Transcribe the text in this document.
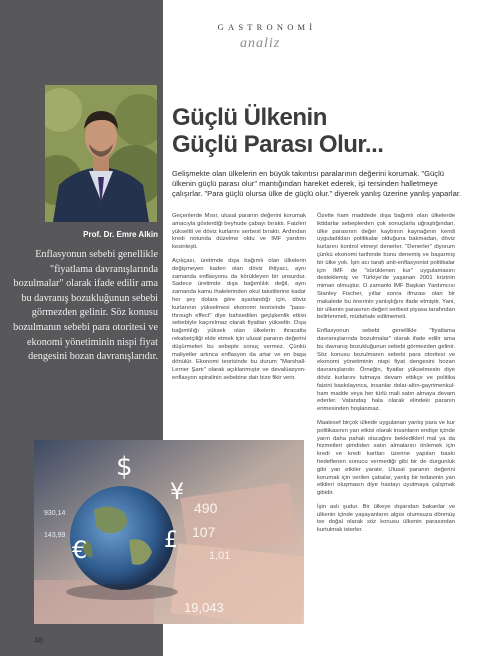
GASTRONOMİ
analiz
Prof. Dr. Emre Alkin
Enflasyonun sebebi genellikle "fiyatlama davranışlarında bozulmalar" olarak ifade edilir ama bu davranış bozukluğunun sebebi görmezden gelinir. Söz konusu bozulmanın sebebi para otoritesi ve ekonomi yönetiminin nispi fiyat dengesini bozan davranışlarıdır.
Güçlü Ülkenin
Güçlü Parası Olur...
Gelişmekte olan ülkelerin en büyük takıntısı paralarının değerini korumak. "Güçlü ülkenin güçlü parası olur" mantığından hareket ederek, işi tersinden halletmeye çalışırlar. "Para güçlü olursa ülke de güçlü olur." diyerek yanlış üzerine yanlış yaparlar.

Geçenlerde Mısır, ulusal paranın değerini korumak amacıyla gösterdiği beyhude çabayı bıraktı. Faizleri yükseltti ve döviz kurlarını serbest bıraktı. Ardından kredi notunda düzelme oldu ve IMF yardımı kesinleşti.

Açıkçası, üretimde dışa bağımlı olan ülkelerin değişmeyen kaderi olan döviz ihtiyacı, aynı zamanda enflasyonu da körükleyen bir unsurdur. Sadece üretimde dışa bağımlılık değil, aynı zamanda kamu ihalelerinden okul takstilerine kadar her şey dolara göre ayarlandığı için, döviz kurlarının yükselmesi ekonomi teorisinde "pass-through effect" diye bahsedilen geçişkenlik etkisi sebebiyle kaçınılmaz olarak fiyatları yükseltir. Dışa bağımlılığı yüksek olan ülkelerin ihracatta rekabetçiliği elde etmek için ulusal paranın değerini düşürmeleri bu sebeple sonuç vermez. Çünkü maliyetler artınca enflasyon da artar ve en başa dönülür. Ekonomi teorisinde bu durum "Marshall-Lerner Şartı" olarak açıklanmıştır ve devalüasyon-enflasyon spiralinin sebebine dair bize fikir verir.

Özetle ham maddede dışa bağımlı olan ülkelerde iktidarlar sebeplerden çok sonuçlarla uğraştığından, ülke parasının değer kaybının kaynağının kendi uyguladıkları politikalar olduğuna bakmadan, döviz kurlarını kontrol etmeyi denerler. "Denerler" diyorum çünkü ekonomi tarihinde bunu denemiş ve başarmış bir ülke yok. İşin acı tarafı anti-enflasyonist politikalar için IMF de "sürüklenen kur" uygulamasını desteklemiş ve Türkiye'de yaşanan 2001 krizinin miman olmuştur. O zamanki IMF Başkan Yardımcısı Stanley Fischer, yıllar sonra ifmzası olan bir makalede bu önerinin yanlışlığını ifade etmiştir. Yani, bir ülkenin parasının değeri serbest piyasa tarafından belirlenmeli, müdahale edilmemeli.

Enflasyonun sebebi genellikle "fiyatlama davranışlarında bozulmalar" olarak ifade edilir ama bu davranış bozukluğunun sebebi görmezden gelinir. Söz konusu bozulmanın sebebi para otoritesi ve ekonomi yönetiminin nispi fiyat dengesini bozan davranışlarıdır. Örneğin, fiyatlar yükselmesin diye döviz kurlarını tutmaya devam ettikçe ve politika faizini baskılayınca, insanlar dolar-altın-gayrimenkul-ham madde veya her türlü mali satın almaya devam ederler. Vatandaş hala olarak elindeki paranın erimesinden hoşlanmaz.

Maalesef birçok ülkede uygulanan yanlış para ve kur politikasının yarı etkisi olarak insanların endişe içinde yarın daha pahalı olacağını beklediklerl mal ya da hizmetleri şimdiden satın almalarını önlemek için kredi ve kredi kartları üzerine yapılan baskı hedeflenen sonucu vermediği gibi bir de durgunluk gibi yan etkiler yaratır. Ulusal paranın değerini korumak için verilen çabalar, yanlış bir tedavinin yan etkileri oluşmasın diye hastayı uyutmaya çalışmak gibidir.

İşin aslı şudur. Bir ülkeye dışarıdan bakanlar ve ülkenin içinde yaşayanların algısı olumsuza dönmüş ise doğal olarak söz konusu ülkenin parasından kurtulmak isterler.

$
€
¥
£
930,14
143,99
490
107
19,043
1,01
48
